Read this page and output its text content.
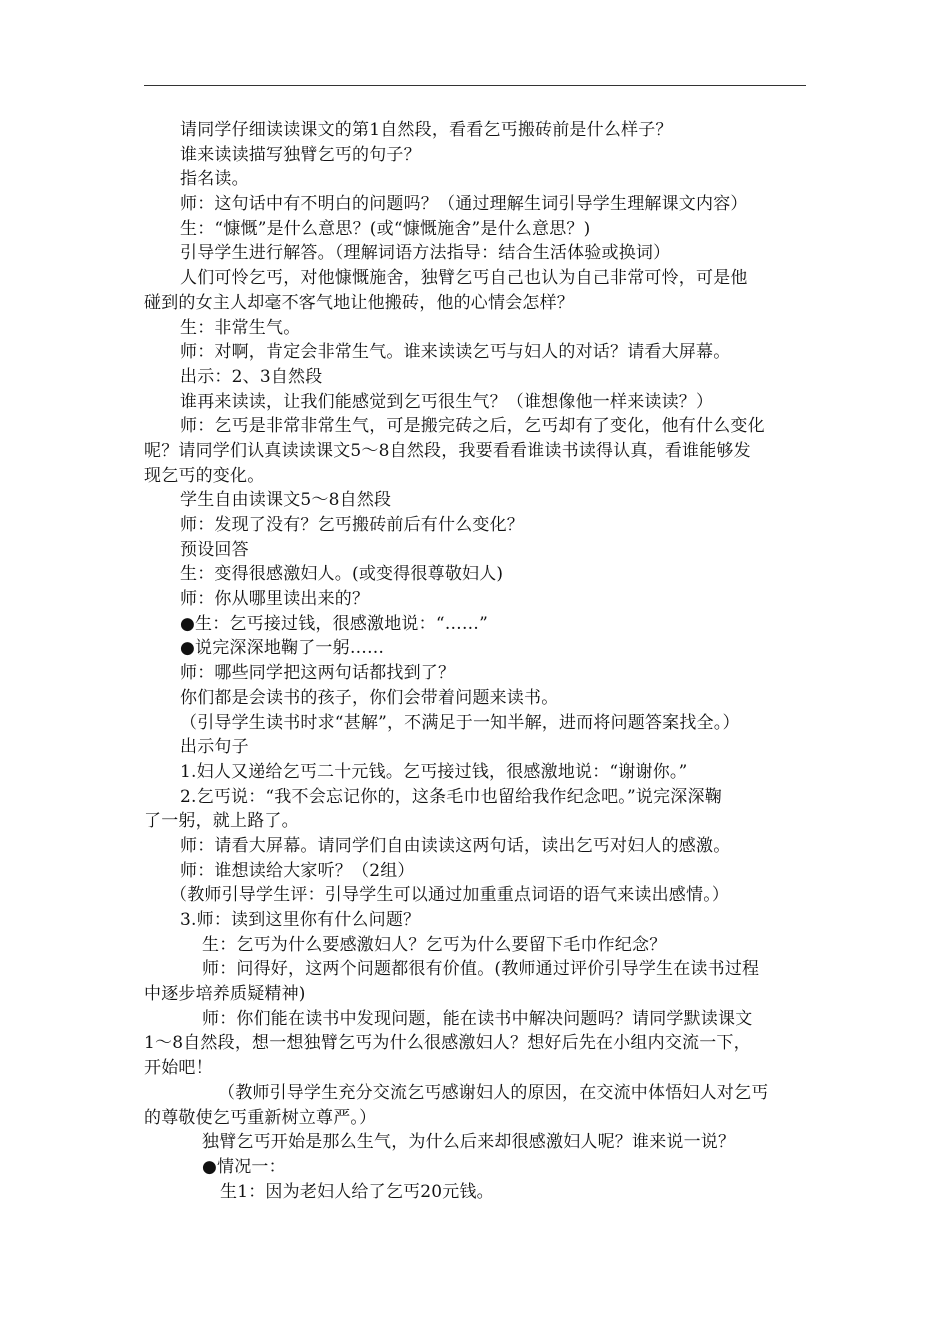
请同学仔细读读课文的第1自然段，看看乞丐搬砖前是什么样子？
谁来读读描写独臂乞丐的句子？
指名读。
师：这句话中有不明白的问题吗？（通过理解生词引导学生理解课文内容）
生：“慷慨”是什么意思？(或“慷慨施舍”是什么意思？)
引导学生进行解答。（理解词语方法指导：结合生活体验或换词）
人们可怜乞丐，对他慷慨施舍，独臂乞丐自己也认为自己非常可怜，可是他
碰到的女主人却毫不客气地让他搬砖，他的心情会怎样？
生：非常生气。
师：对啊，肯定会非常生气。谁来读读乞丐与妇人的对话？请看大屏幕。
出示：2、3自然段
谁再来读读，让我们能感觉到乞丐很生气？（谁想像他一样来读读？）
师：乞丐是非常非常生气，可是搬完砖之后，乞丐却有了变化，他有什么变化
呢？请同学们认真读读课文5～8自然段，我要看看谁读书读得认真，看谁能够发
现乞丐的变化。
学生自由读课文5～8自然段
师：发现了没有？乞丐搬砖前后有什么变化？
预设回答
生：变得很感激妇人。(或变得很尊敬妇人)
师：你从哪里读出来的？
●生：乞丐接过钱，很感激地说：“……”
●说完深深地鞠了一躬……
师：哪些同学把这两句话都找到了？
你们都是会读书的孩子，你们会带着问题来读书。
（引导学生读书时求“甚解”，不满足于一知半解，进而将问题答案找全。）
出示句子
1.妇人又递给乞丐二十元钱。乞丐接过钱，很感激地说：“谢谢你。”
2.乞丐说：“我不会忘记你的，这条毛巾也留给我作纪念吧。”说完深深鞠
了一躬，就上路了。
师：请看大屏幕。请同学们自由读读这两句话，读出乞丐对妇人的感激。
师：谁想读给大家听？（2组）
（教师引导学生评：引导学生可以通过加重重点词语的语气来读出感情。）
3.师：读到这里你有什么问题？
生：乞丐为什么要感激妇人？乞丐为什么要留下毛巾作纪念？
师：问得好，这两个问题都很有价值。(教师通过评价引导学生在读书过程
中逐步培养质疑精神)
师：你们能在读书中发现问题，能在读书中解决问题吗？请同学默读课文
1～8自然段，想一想独臂乞丐为什么很感激妇人？想好后先在小组内交流一下，
开始吧！
（教师引导学生充分交流乞丐感谢妇人的原因，在交流中体悟妇人对乞丐
的尊敬使乞丐重新树立尊严。）
独臂乞丐开始是那么生气，为什么后来却很感激妇人呢？谁来说一说？
●情况一：
生1：因为老妇人给了乞丐20元钱。
